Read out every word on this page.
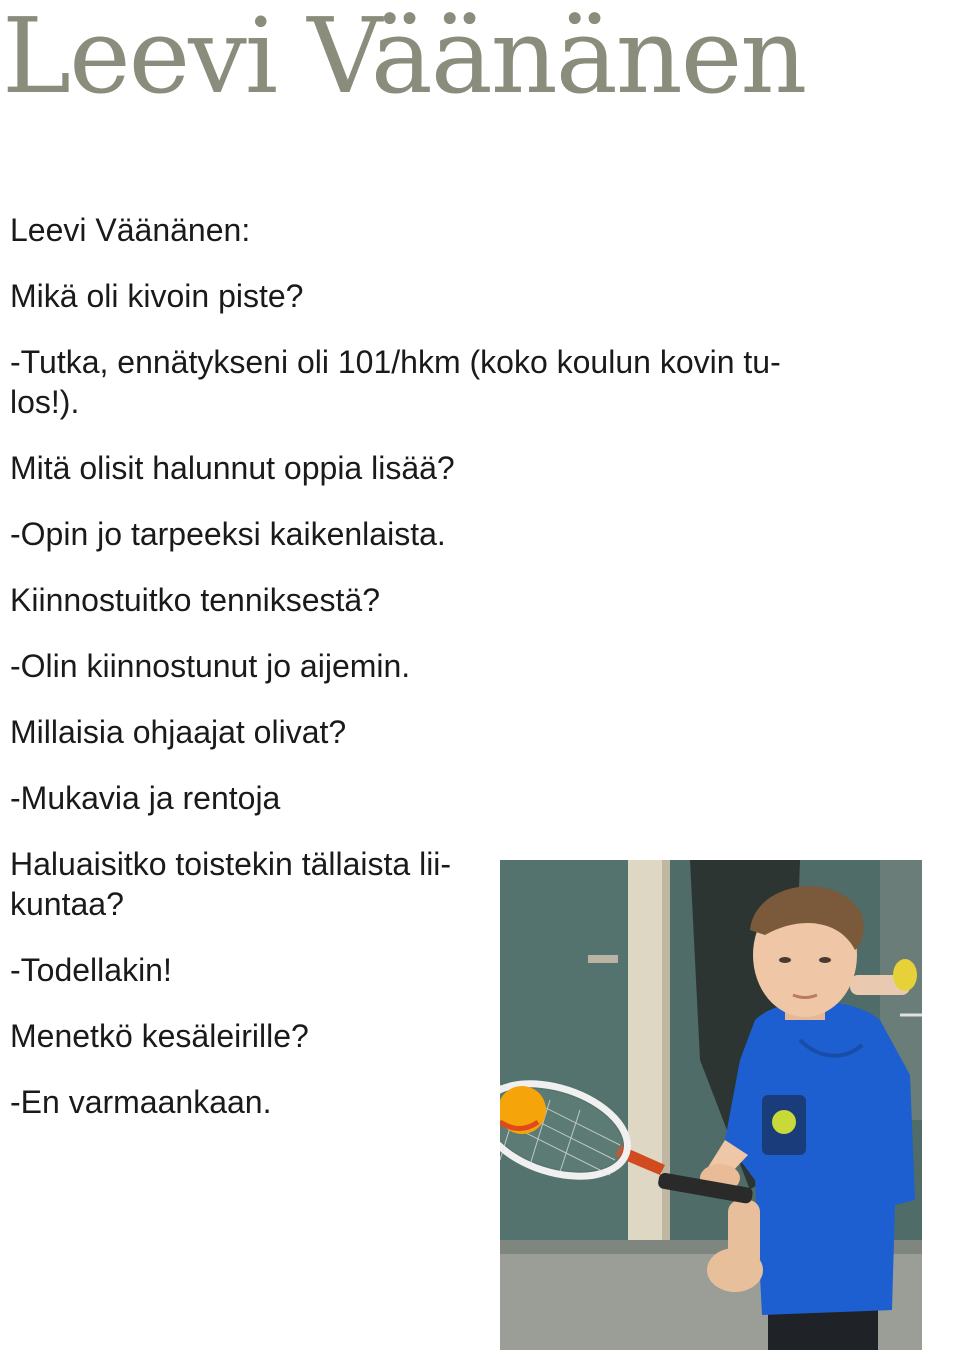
Leevi Väänänen

Leevi Väänänen:

Mikä oli kivoin piste?

-Tutka, ennätykseni oli 101/hkm (koko koulun kovin tu-

los!).

Mitä olisit halunnut oppia lisää?

-Opin jo tarpeeksi kaikenlaista.

Kiinnostuitko tenniksestä?

-Olin kiinnostunut jo aijemin.

Millaisia ohjaajat olivat?

-Mukavia ja rentoja

Haluaisitko toistekin tällaista lii-

kuntaa?

-Todellakin!

Menetkö kesäleirille?

-En varmaankaan.
